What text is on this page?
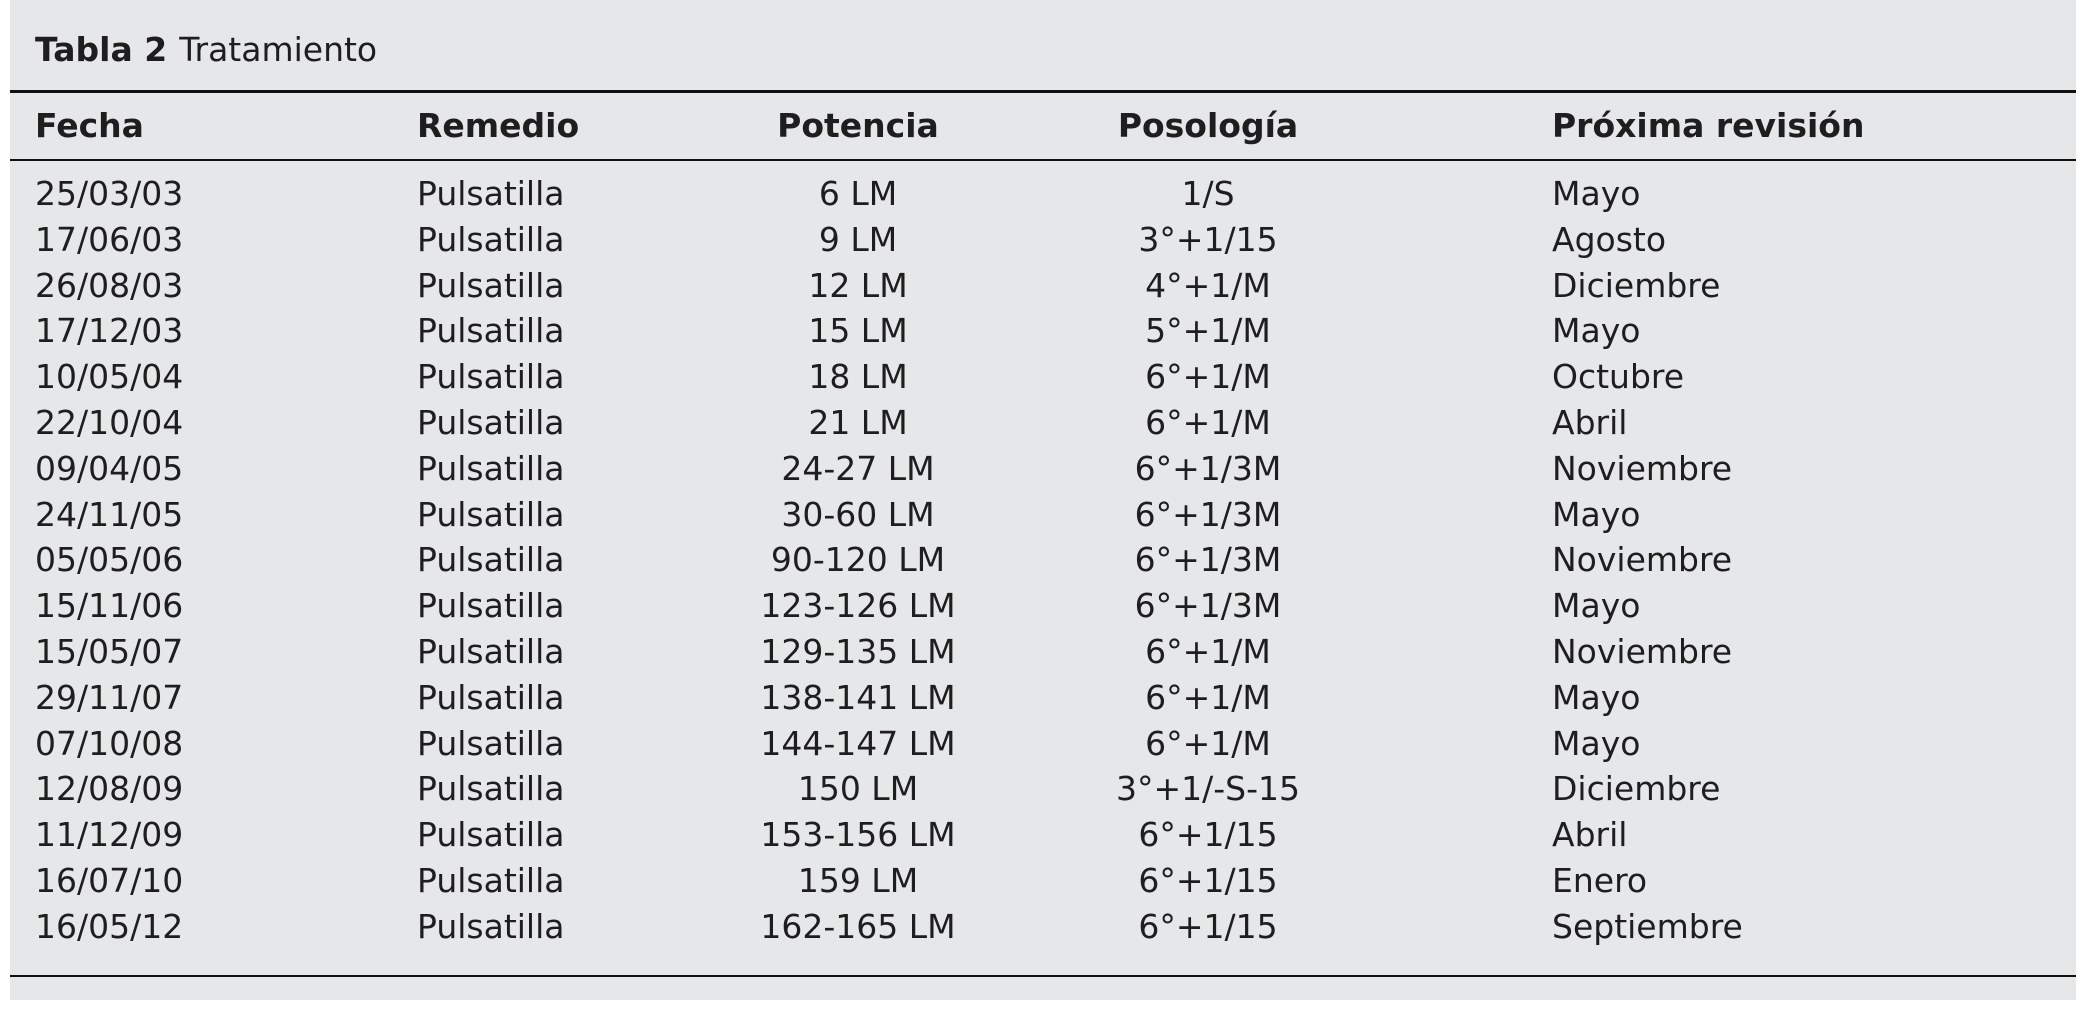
Tabla 2 Tratamiento
Fecha	Remedio	Potencia	Posología	Próxima revisión
25/03/03	Pulsatilla	6 LM	1/S	Mayo
17/06/03	Pulsatilla	9 LM	3°+1/15	Agosto
26/08/03	Pulsatilla	12 LM	4°+1/M	Diciembre
17/12/03	Pulsatilla	15 LM	5°+1/M	Mayo
10/05/04	Pulsatilla	18 LM	6°+1/M	Octubre
22/10/04	Pulsatilla	21 LM	6°+1/M	Abril
09/04/05	Pulsatilla	24-27 LM	6°+1/3M	Noviembre
24/11/05	Pulsatilla	30-60 LM	6°+1/3M	Mayo
05/05/06	Pulsatilla	90-120 LM	6°+1/3M	Noviembre
15/11/06	Pulsatilla	123-126 LM	6°+1/3M	Mayo
15/05/07	Pulsatilla	129-135 LM	6°+1/M	Noviembre
29/11/07	Pulsatilla	138-141 LM	6°+1/M	Mayo
07/10/08	Pulsatilla	144-147 LM	6°+1/M	Mayo
12/08/09	Pulsatilla	150 LM	3°+1/-S-15	Diciembre
11/12/09	Pulsatilla	153-156 LM	6°+1/15	Abril
16/07/10	Pulsatilla	159 LM	6°+1/15	Enero
16/05/12	Pulsatilla	162-165 LM	6°+1/15	Septiembre
